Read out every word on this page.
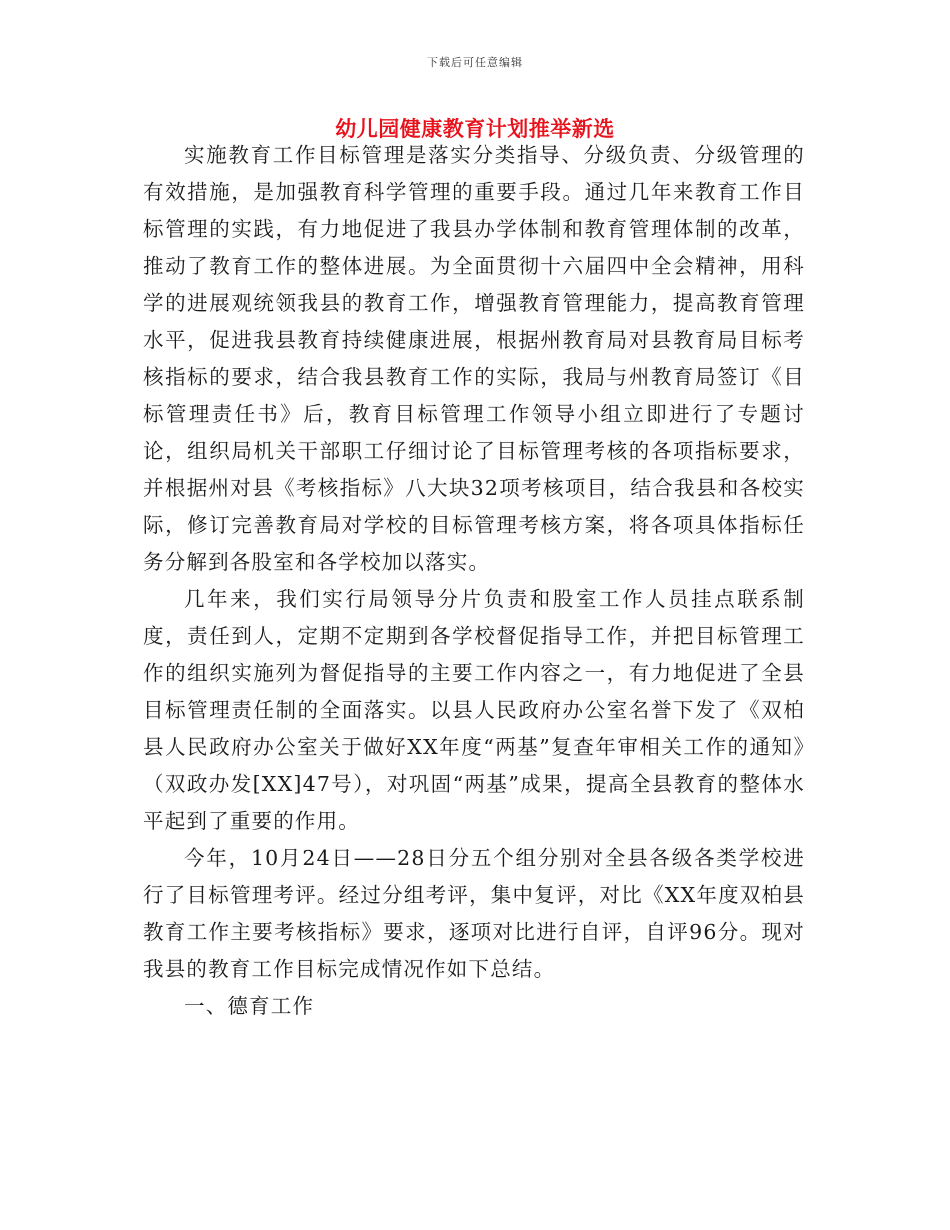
下载后可任意编辑
幼儿园健康教育计划推举新选

实施教育工作目标管理是落实分类指导、分级负责、分级管理的有效措施，是加强教育科学管理的重要手段。通过几年来教育工作目标管理的实践，有力地促进了我县办学体制和教育管理体制的改革，推动了教育工作的整体进展。为全面贯彻十六届四中全会精神，用科学的进展观统领我县的教育工作，增强教育管理能力，提高教育管理水平，促进我县教育持续健康进展，根据州教育局对县教育局目标考核指标的要求，结合我县教育工作的实际，我局与州教育局签订《目标管理责任书》后，教育目标管理工作领导小组立即进行了专题讨论，组织局机关干部职工仔细讨论了目标管理考核的各项指标要求，并根据州对县《考核指标》八大块32项考核项目，结合我县和各校实际，修订完善教育局对学校的目标管理考核方案，将各项具体指标任务分解到各股室和各学校加以落实。

几年来，我们实行局领导分片负责和股室工作人员挂点联系制度，责任到人，定期不定期到各学校督促指导工作，并把目标管理工作的组织实施列为督促指导的主要工作内容之一，有力地促进了全县目标管理责任制的全面落实。以县人民政府办公室名誉下发了《双柏县人民政府办公室关于做好XX年度“两基”复查年审相关工作的通知》（双政办发[XX]47号），对巩固“两基”成果，提高全县教育的整体水平起到了重要的作用。

今年，10月24日——28日分五个组分别对全县各级各类学校进行了目标管理考评。经过分组考评，集中复评，对比《XX年度双柏县教育工作主要考核指标》要求，逐项对比进行自评，自评96分。现对我县的教育工作目标完成情况作如下总结。

一、德育工作
